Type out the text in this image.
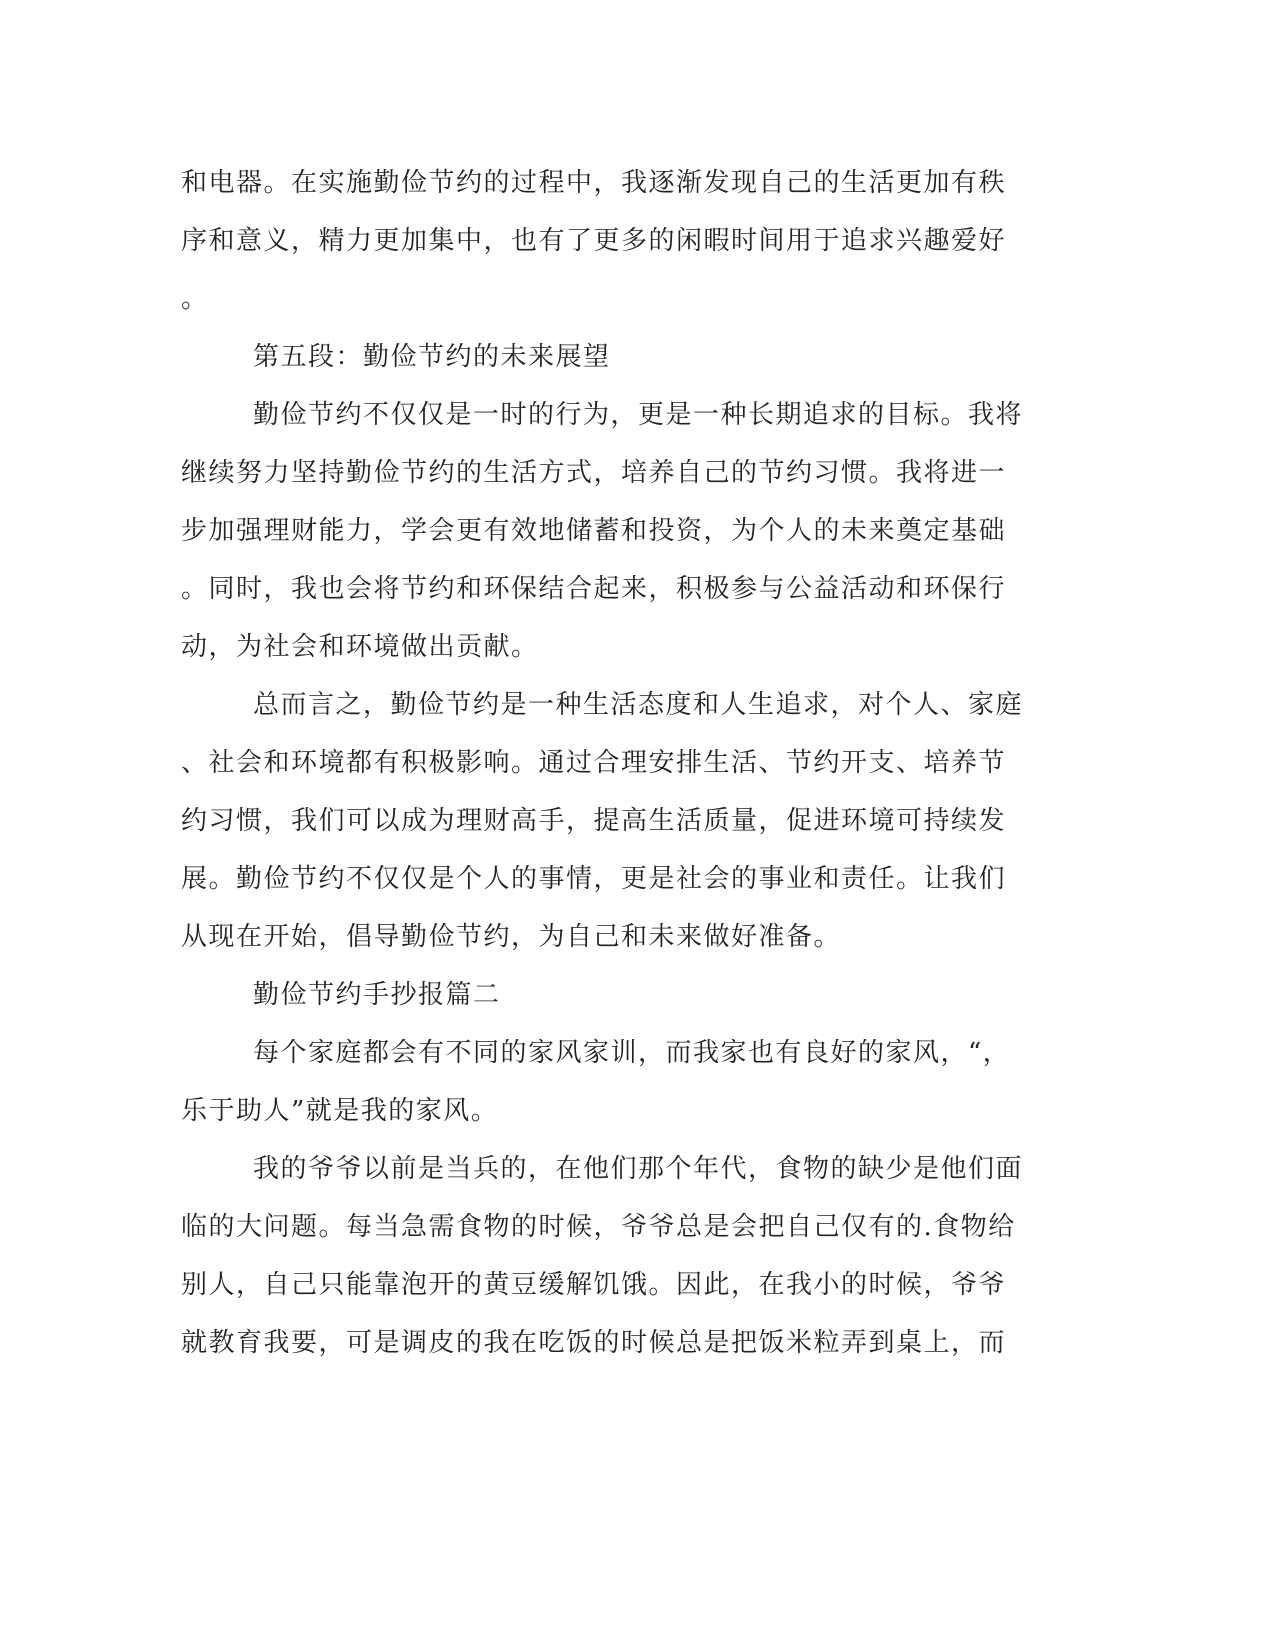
和电器。在实施勤俭节约的过程中，我逐渐发现自己的生活更加有秩
序和意义，精力更加集中，也有了更多的闲暇时间用于追求兴趣爱好
。
第五段：勤俭节约的未来展望
勤俭节约不仅仅是一时的行为，更是一种长期追求的目标。我将
继续努力坚持勤俭节约的生活方式，培养自己的节约习惯。我将进一
步加强理财能力，学会更有效地储蓄和投资，为个人的未来奠定基础
。同时，我也会将节约和环保结合起来，积极参与公益活动和环保行
动，为社会和环境做出贡献。
总而言之，勤俭节约是一种生活态度和人生追求，对个人、家庭
、社会和环境都有积极影响。通过合理安排生活、节约开支、培养节
约习惯，我们可以成为理财高手，提高生活质量，促进环境可持续发
展。勤俭节约不仅仅是个人的事情，更是社会的事业和责任。让我们
从现在开始，倡导勤俭节约，为自己和未来做好准备。
勤俭节约手抄报篇二
每个家庭都会有不同的家风家训，而我家也有良好的家风，“，
乐于助人”就是我的家风。
我的爷爷以前是当兵的，在他们那个年代，食物的缺少是他们面
临的大问题。每当急需食物的时候，爷爷总是会把自己仅有的.食物给
别人，自己只能靠泡开的黄豆缓解饥饿。因此，在我小的时候，爷爷
就教育我要，可是调皮的我在吃饭的时候总是把饭米粒弄到桌上，而
